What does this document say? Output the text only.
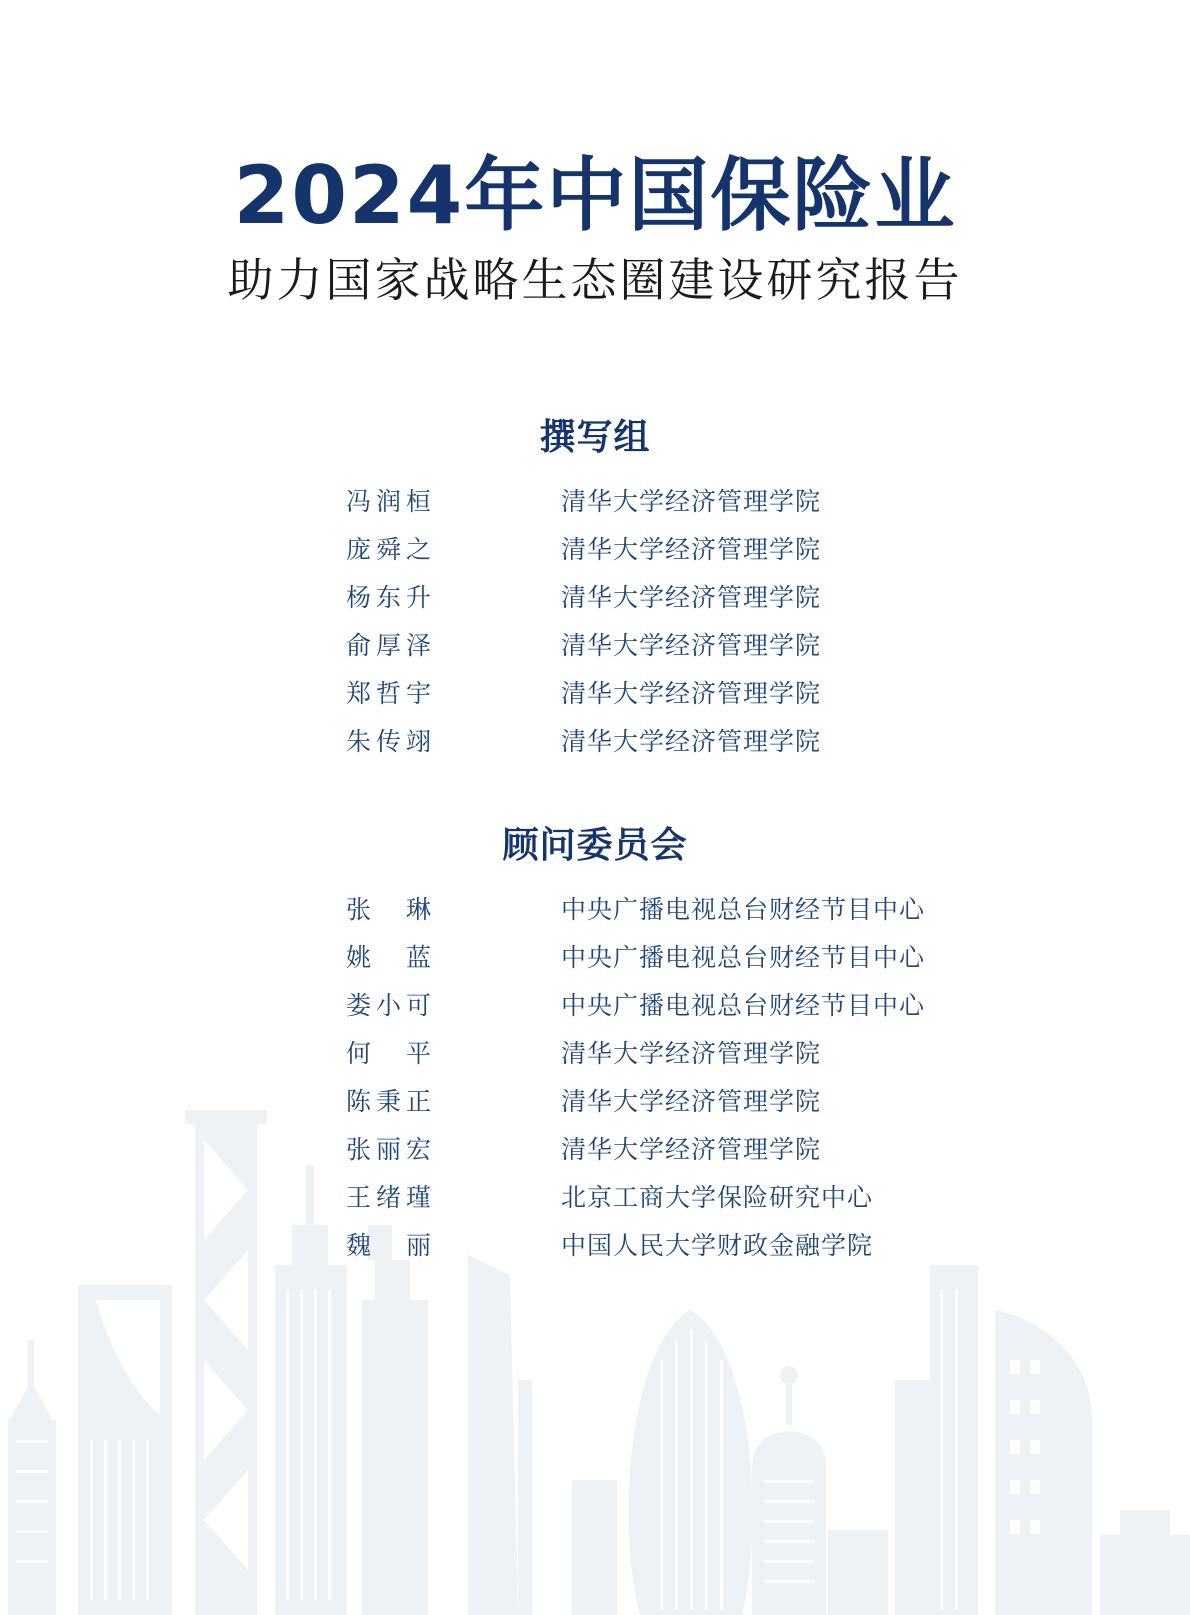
2024年中国保险业
助力国家战略生态圈建设研究报告
撰写组
冯润桓	清华大学经济管理学院
庞舜之	清华大学经济管理学院
杨东升	清华大学经济管理学院
俞厚泽	清华大学经济管理学院
郑哲宇	清华大学经济管理学院
朱传翊	清华大学经济管理学院
顾问委员会
张琳	中央广播电视总台财经节目中心
姚蓝	中央广播电视总台财经节目中心
娄小可	中央广播电视总台财经节目中心
何平	清华大学经济管理学院
陈秉正	清华大学经济管理学院
张丽宏	清华大学经济管理学院
王绪瑾	北京工商大学保险研究中心
魏丽	中国人民大学财政金融学院
